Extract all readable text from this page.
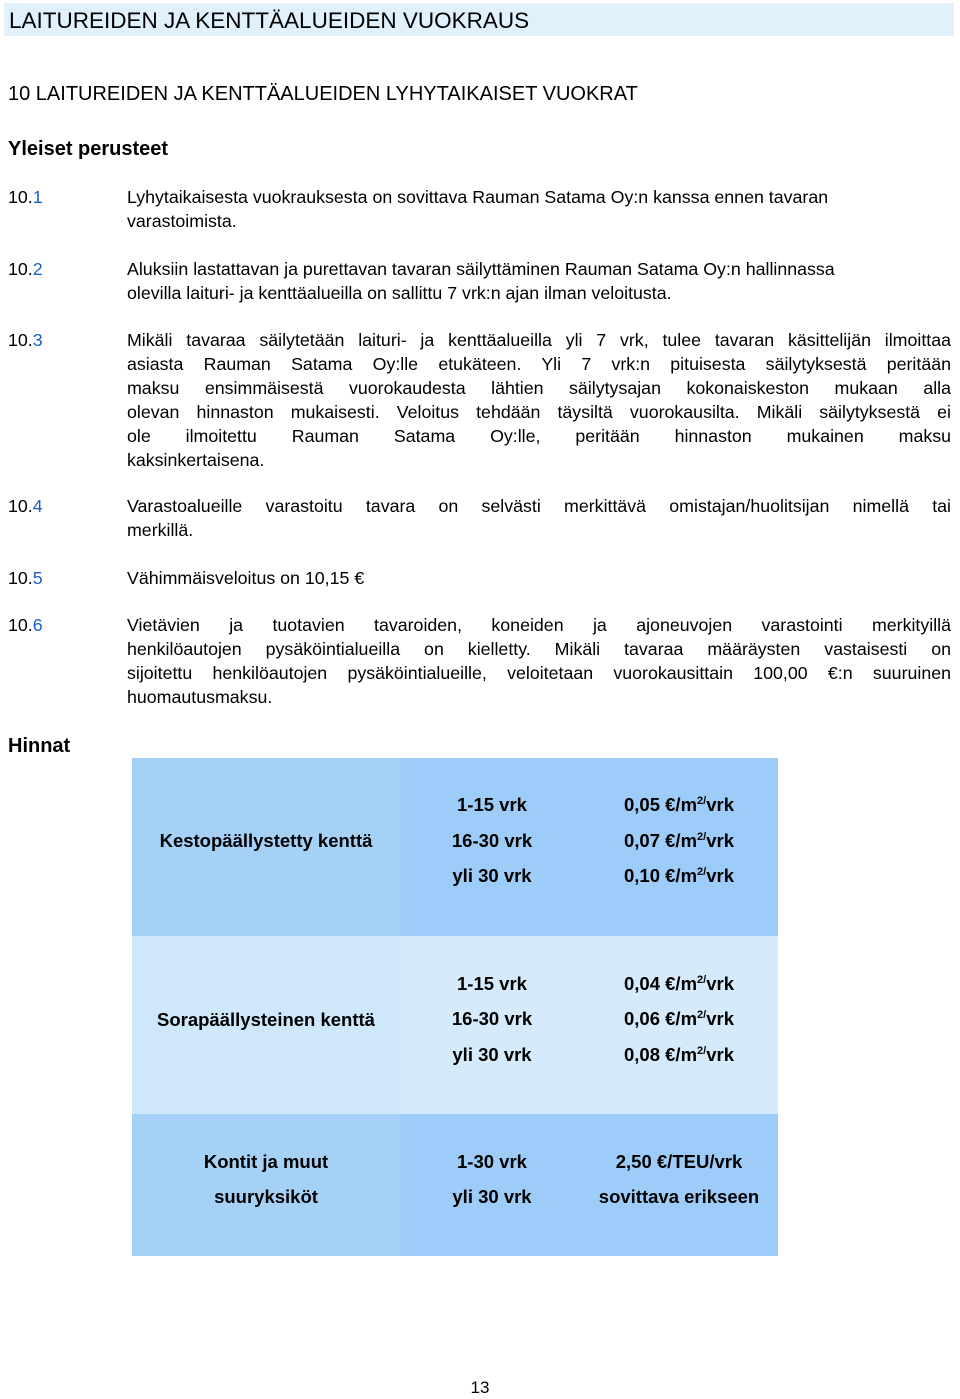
LAITUREIDEN JA KENTTÄALUEIDEN VUOKRAUS
10 LAITUREIDEN JA KENTTÄALUEIDEN LYHYTAIKAISET VUOKRAT
Yleiset perusteet
10.1	Lyhytaikaisesta vuokrauksesta on sovittava Rauman Satama Oy:n kanssa ennen tavaran
varastoimista.
10.2	Aluksiin lastattavan ja purettavan tavaran säilyttäminen Rauman Satama Oy:n hallinnassa
olevilla laituri- ja kenttäalueilla on sallittu 7 vrk:n ajan ilman veloitusta.
10.3	Mikäli tavaraa säilytetään laituri- ja kenttäalueilla yli 7 vrk, tulee tavaran käsittelijän ilmoittaa
asiasta Rauman Satama Oy:lle etukäteen. Yli 7 vrk:n pituisesta säilytyksestä peritään
maksu ensimmäisestä vuorokaudesta lähtien säilytysajan kokonaiskeston mukaan alla
olevan hinnaston mukaisesti. Veloitus tehdään täysiltä vuorokausilta. Mikäli säilytyksestä ei
ole ilmoitettu Rauman Satama Oy:lle, peritään hinnaston mukainen maksu
kaksinkertaisena.
10.4	Varastoalueille varastoitu tavara on selvästi merkittävä omistajan/huolitsijan nimellä tai
merkillä.
10.5	Vähimmäisveloitus on 10,15 €
10.6	Vietävien ja tuotavien tavaroiden, koneiden ja ajoneuvojen varastointi merkityillä
henkilöautojen pysäköintialueilla on kielletty. Mikäli tavaraa määräysten vastaisesti on
sijoitettu henkilöautojen pysäköintialueille, veloitetaan vuorokausittain 100,00 €:n suuruinen
huomautusmaksu.
Hinnat
Kestopäällystetty kenttä
1-15 vrk	0,05 $€/m^{2/}vrk$
16-30 vrk	0,07 $€/m^{2/}vrk$
yli 30 vrk	0,10 $€/m^{2/}vrk$
Sorapäällysteinen kenttä
1-15 vrk	0,04 $€/m^{2/}vrk$
16-30 vrk	0,06 $€/m^{2/}vrk$
yli 30 vrk	0,08 $€/m^{2/}vrk$
Kontit ja muut
suuryksiköt
1-30 vrk	2,50 €/TEU/vrk
yli 30 vrk	sovittava erikseen
13
